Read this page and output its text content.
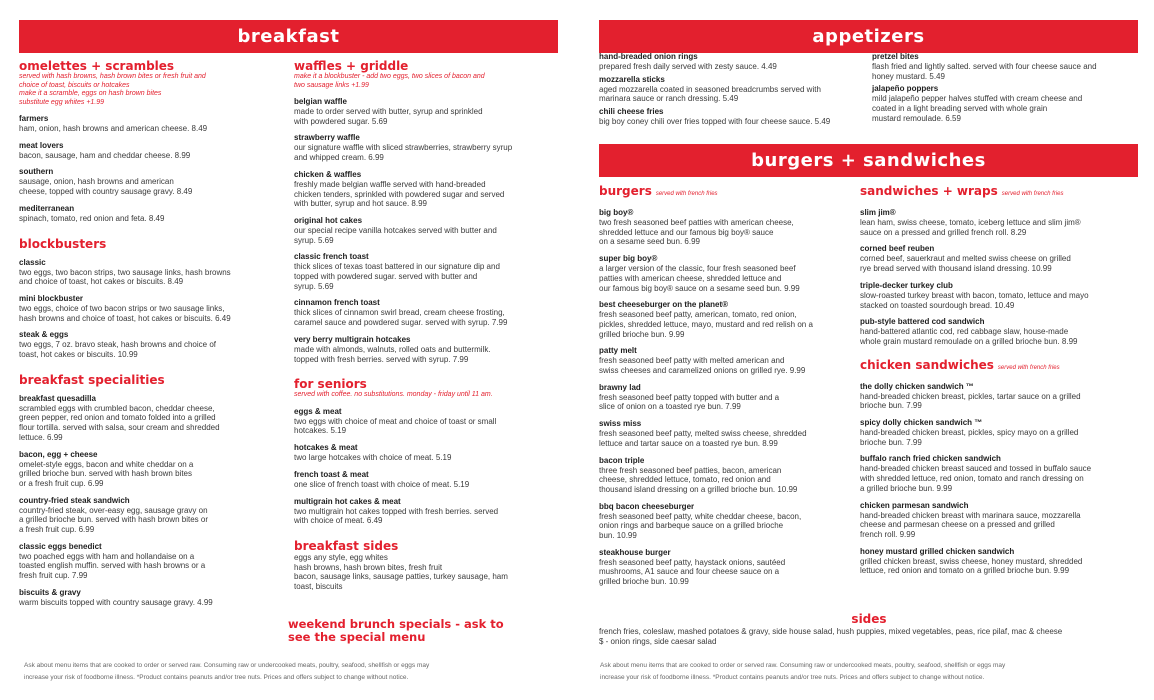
breakfast
omelettes + scrambles
served with hash browns, hash brown bites or fresh fruit and
choice of toast, biscuits or hotcakes
make it a scramble, eggs on hash brown bites
substitute egg whites +1.99
farmers
ham, onion, hash browns and american cheese. 8.49
meat lovers
bacon, sausage, ham and cheddar cheese. 8.99
southern
sausage, onion, hash browns and american
cheese, topped with country sausage gravy. 8.49
mediterranean
spinach, tomato, red onion and feta. 8.49
blockbusters
classic
two eggs, two bacon strips, two sausage links, hash browns
and choice of toast, hot cakes or biscuits. 8.49
mini blockbuster
two eggs, choice of two bacon strips or two sausage links,
hash browns and choice of toast, hot cakes or biscuits. 6.49
steak & eggs
two eggs, 7 oz. bravo steak, hash browns and choice of
toast, hot cakes or biscuits. 10.99
breakfast specialities
breakfast quesadilla
scrambled eggs with crumbled bacon, cheddar cheese,
green pepper, red onion and tomato folded into a grilled
flour tortilla. served with salsa, sour cream and shredded
lettuce. 6.99
bacon, egg + cheese
omelet-style eggs, bacon and white cheddar on a
grilled brioche bun. served with hash brown bites
or a fresh fruit cup. 6.99
country-fried steak sandwich
country-fried steak, over-easy egg, sausage gravy on
a grilled brioche bun. served with hash brown bites or
a fresh fruit cup. 6.99
classic eggs benedict
two poached eggs with ham and hollandaise on a
toasted english muffin. served with hash browns or a
fresh fruit cup. 7.99
biscuits & gravy
warm biscuits topped with country sausage gravy. 4.99
waffles + griddle
make it a blockbuster - add two eggs, two slices of bacon and
two sausage links +1.99
belgian waffle
made to order served with butter, syrup and sprinkled
with powdered sugar. 5.69
strawberry waffle
our signature waffle with sliced strawberries, strawberry syrup
and whipped cream. 6.99
chicken & waffles
freshly made belgian waffle served with hand-breaded
chicken tenders, sprinkled with powdered sugar and served
with butter, syrup and hot sauce. 8.99
original hot cakes
our special recipe vanilla hotcakes served with butter and
syrup. 5.69
classic french toast
thick slices of texas toast battered in our signature dip and
topped with powdered sugar. served with butter and
syrup. 5.69
cinnamon french toast
thick slices of cinnamon swirl bread, cream cheese frosting,
caramel sauce and powdered sugar. served with syrup. 7.99
very berry multigrain hotcakes
made with almonds, walnuts, rolled oats and buttermilk.
topped with fresh berries. served with syrup. 7.99
for seniors
served with coffee. no substitutions. monday - friday until 11 am.
eggs & meat
two eggs with choice of meat and choice of toast or small
hotcakes. 5.19
hotcakes & meat
two large hotcakes with choice of meat. 5.19
french toast & meat
one slice of french toast with choice of meat. 5.19
multigrain hot cakes & meat
two multigrain hot cakes topped with fresh berries. served
with choice of meat. 6.49
breakfast sides
eggs any style, egg whites
hash browns, hash brown bites, fresh fruit
bacon, sausage links, sausage patties, turkey sausage, ham
toast, biscuits
weekend brunch specials - ask to
see the special menu
Ask about menu items that are cooked to order or served raw. Consuming raw or undercooked meats, poultry, seafood, shellfish or eggs may
increase your risk of foodborne illness. *Product contains peanuts and/or tree nuts. Prices and offers subject to change without notice.
appetizers
hand-breaded onion rings
prepared fresh daily served with zesty sauce. 4.49
mozzarella sticks
aged mozzarella coated in seasoned breadcrumbs served with
marinara sauce or ranch dressing. 5.49
chili cheese fries
big boy coney chili over fries topped with four cheese sauce. 5.49
pretzel bites
flash fried and lightly salted. served with four cheese sauce and
honey mustard. 5.49
jalapeño poppers
mild jalapeño pepper halves stuffed with cream cheese and
coated in a light breading served with whole grain
mustard remoulade. 6.59
burgers + sandwiches
burgers served with french fries
big boy®
two fresh seasoned beef patties with american cheese,
shredded lettuce and our famous big boy® sauce
on a sesame seed bun. 6.99
super big boy®
a larger version of the classic, four fresh seasoned beef
patties with american cheese, shredded lettuce and
our famous big boy® sauce on a sesame seed bun. 9.99
best cheeseburger on the planet®
fresh seasoned beef patty, american, tomato, red onion,
pickles, shredded lettuce, mayo, mustard and red relish on a
grilled brioche bun. 9.99
patty melt
fresh seasoned beef patty with melted american and
swiss cheeses and caramelized onions on grilled rye. 9.99
brawny lad
fresh seasoned beef patty topped with butter and a
slice of onion on a toasted rye bun. 7.99
swiss miss
fresh seasoned beef patty, melted swiss cheese, shredded
lettuce and tartar sauce on a toasted rye bun. 8.99
bacon triple
three fresh seasoned beef patties, bacon, american
cheese, shredded lettuce, tomato, red onion and
thousand island dressing on a grilled brioche bun. 10.99
bbq bacon cheeseburger
fresh seasoned beef patty, white cheddar cheese, bacon,
onion rings and barbeque sauce on a grilled brioche
bun. 10.99
steakhouse burger
fresh seasoned beef patty, haystack onions, sautéed
mushrooms, A1 sauce and four cheese sauce on a
grilled brioche bun. 10.99
sandwiches + wraps served with french fries
slim jim®
lean ham, swiss cheese, tomato, iceberg lettuce and slim jim®
sauce on a pressed and grilled french roll. 8.29
corned beef reuben
corned beef, sauerkraut and melted swiss cheese on grilled
rye bread served with thousand island dressing. 10.99
triple-decker turkey club
slow-roasted turkey breast with bacon, tomato, lettuce and mayo
stacked on toasted sourdough bread. 10.49
pub-style battered cod sandwich
hand-battered atlantic cod, red cabbage slaw, house-made
whole grain mustard remoulade on a grilled brioche bun. 8.99
chicken sandwiches served with french fries
the dolly chicken sandwich ™
hand-breaded chicken breast, pickles, tartar sauce on a grilled
brioche bun. 7.99
spicy dolly chicken sandwich ™
hand-breaded chicken breast, pickles, spicy mayo on a grilled
brioche bun. 7.99
buffalo ranch fried chicken sandwich
hand-breaded chicken breast sauced and tossed in buffalo sauce
with shredded lettuce, red onion, tomato and ranch dressing on
a grilled brioche bun. 9.99
chicken parmesan sandwich
hand-breaded chicken breast with marinara sauce, mozzarella
cheese and parmesan cheese on a pressed and grilled
french roll. 9.99
honey mustard grilled chicken sandwich
grilled chicken breast, swiss cheese, honey mustard, shredded
lettuce, red onion and tomato on a grilled brioche bun. 9.99
sides
french fries, coleslaw, mashed potatoes & gravy, side house salad, hush puppies, mixed vegetables, peas, rice pilaf, mac & cheese
$ - onion rings, side caesar salad
Ask about menu items that are cooked to order or served raw. Consuming raw or undercooked meats, poultry, seafood, shellfish or eggs may
increase your risk of foodborne illness. *Product contains peanuts and/or tree nuts. Prices and offers subject to change without notice.
